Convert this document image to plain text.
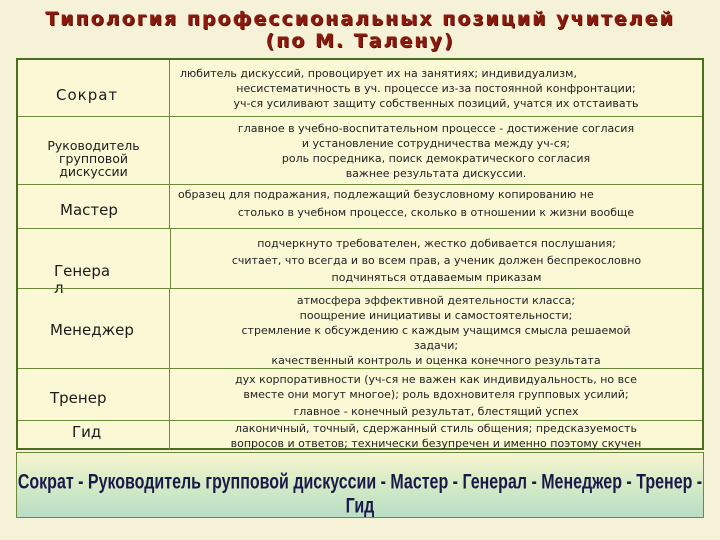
Типология профессиональных позиций учителей
(по М. Талену)
Сократ
любитель дискуссий, провоцирует их на занятиях; индивидуализм,
несистематичность в уч. процессе из-за постоянной конфронтации;
уч-ся усиливают защиту собственных позиций, учатся их отстаивать
Руководитель
групповой
дискуссии
главное в учебно-воспитательном процессе - достижение согласия
и установление сотрудничества между уч-ся;
роль посредника, поиск демократического согласия
важнее результата дискуссии.
Мастер
образец для подражания, подлежащий безусловному копированию не
столько в учебном процессе, сколько в отношении к жизни вообще
Генера
л
подчеркнуто требователен, жестко добивается послушания;
считает, что всегда и во всем прав, а ученик должен беспрекословно
подчиняться отдаваемым приказам
Менеджер
атмосфера эффективной деятельности класса;
поощрение инициативы и самостоятельности;
стремление к обсуждению с каждым учащимся смысла решаемой
задачи;
качественный контроль и оценка конечного результата
Тренер
дух корпоративности (уч-ся не важен как индивидуальность, но все
вместе они могут многое); роль вдохновителя групповых усилий;
главное - конечный результат, блестящий успех
Гид	лаконичный, точный, сдержанный стиль общения; предсказуемость
вопросов и ответов; технически безупречен и именно поэтому скучен
Сократ - Руководитель групповой дискуссии - Мастер - Генерал - Менеджер - Тренер - Гид
